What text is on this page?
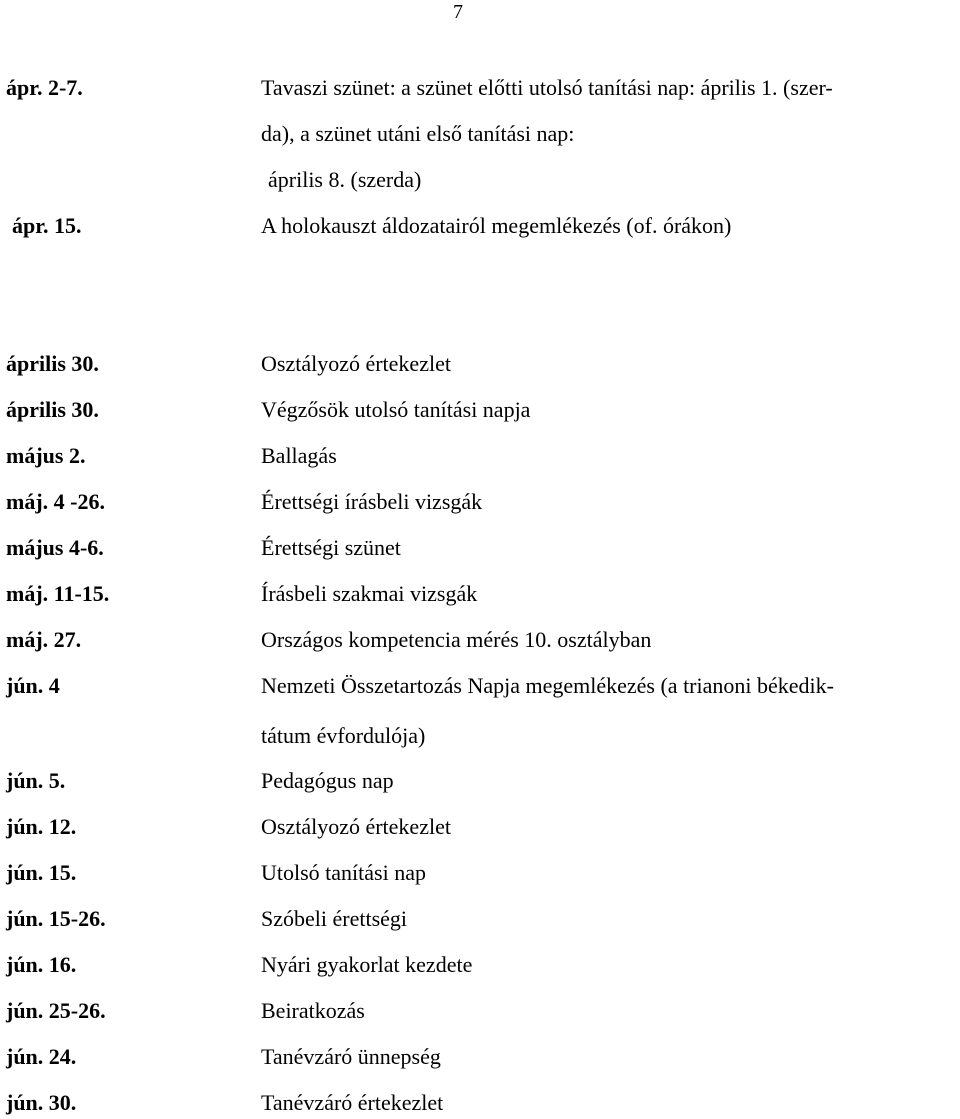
7
ápr. 2-7.	Tavaszi szünet: a szünet előtti utolsó tanítási nap: április 1. (szer-
da), a szünet utáni első tanítási nap:
április 8. (szerda)
ápr. 15.	A holokauszt áldozatairól megemlékezés (of. órákon)
április 30.	Osztályozó értekezlet
április 30.	Végzősök utolsó tanítási napja
május 2.	Ballagás
máj. 4 -26.	Érettségi írásbeli vizsgák
május 4-6.	Érettségi szünet
máj. 11-15.	Írásbeli szakmai vizsgák
máj. 27.	Országos kompetencia mérés 10. osztályban
jún. 4	Nemzeti Összetartozás Napja megemlékezés (a trianoni békedik-
tátum évfordulója)
jún. 5.	Pedagógus nap
jún. 12.	Osztályozó értekezlet
jún. 15.	Utolsó tanítási nap
jún. 15-26.	Szóbeli érettségi
jún. 16.	Nyári gyakorlat kezdete
jún. 25-26.	Beiratkozás
jún. 24.	Tanévzáró ünnepség
jún. 30.	Tanévzáró értekezlet
